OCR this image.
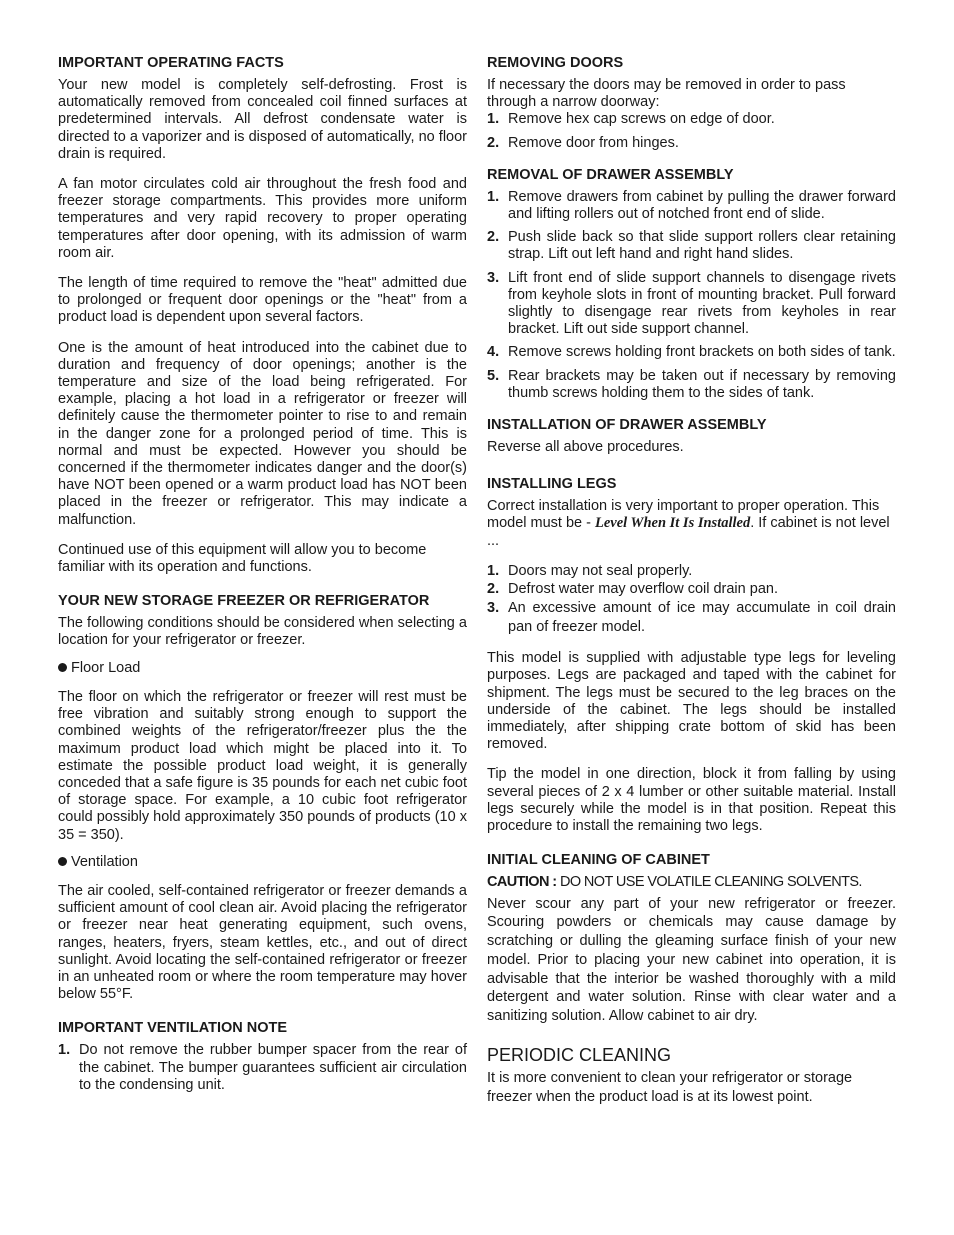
IMPORTANT OPERATING FACTS

Your new model is completely self-defrosting. Frost is automatically removed from concealed coil finned surfaces at predetermined intervals. All defrost condensate water is directed to a vaporizer and is disposed of automatically, no floor drain is required.

A fan motor circulates cold air throughout the fresh food and freezer storage compartments. This provides more uniform temperatures and very rapid recovery to proper operating temperatures after door opening, with its admission of warm room air.

The length of time required to remove the "heat" admitted due to prolonged or frequent door openings or the "heat" from a product load is dependent upon several factors.

One is the amount of heat introduced into the cabinet due to duration and frequency of door openings; another is the temperature and size of the load being refrigerated. For example, placing a hot load in a refrigerator or freezer will definitely cause the thermometer pointer to rise to and remain in the danger zone for a prolonged period of time. This is normal and must be expected. However you should be concerned if the thermometer indicates danger and the door(s) have NOT been opened or a warm product load has NOT been placed in the freezer or refrigerator. This may indicate a malfunction.

Continued use of this equipment will allow you to become familiar with its operation and functions.

YOUR NEW STORAGE FREEZER OR REFRIGERATOR

The following conditions should be considered when selecting a location for your refrigerator or freezer.

Floor Load

The floor on which the refrigerator or freezer will rest must be free vibration and suitably strong enough to support the combined weights of the refrigerator/freezer plus the the maximum product load which might be placed into it. To estimate the possible product load weight, it is generally conceded that a safe figure is 35 pounds for each net cubic foot of storage space. For example, a 10 cubic foot refrigerator could possibly hold approximately 350 pounds of products (10 x 35 = 350).

Ventilation

The air cooled, self-contained refrigerator or freezer demands a sufficient amount of cool clean air. Avoid placing the refrigerator or freezer near heat generating equipment, such ovens, ranges, heaters, fryers, steam kettles, etc., and out of direct sunlight. Avoid locating the self-contained refrigerator or freezer in an unheated room or where the room temperature may hover below 55°F.

IMPORTANT VENTILATION NOTE
1. Do not remove the rubber bumper spacer from the rear of the cabinet. The bumper guarantees sufficient air circulation to the condensing unit.
REMOVING DOORS

If necessary the doors may be removed in order to pass through a narrow doorway:

1. Remove hex cap screws on edge of door.
2. Remove door from hinges.
REMOVAL OF DRAWER ASSEMBLY
1. Remove drawers from cabinet by pulling the drawer forward and lifting rollers out of notched front end of slide.
2. Push slide back so that slide support rollers clear retaining strap. Lift out left hand and right hand slides.
3. Lift front end of slide support channels to disengage rivets from keyhole slots in front of mounting bracket. Pull forward slightly to disengage rear rivets from keyholes in rear bracket. Lift out side support channel.
4. Remove screws holding front brackets on both sides of tank.
5. Rear brackets may be taken out if necessary by removing thumb screws holding them to the sides of tank.
INSTALLATION OF DRAWER ASSEMBLY

Reverse all above procedures.

INSTALLING LEGS

Correct installation is very important to proper operation. This model must be - Level When It Is Installed. If cabinet is not level ...

1. Doors may not seal properly.
2. Defrost water may overflow coil drain pan.
3. An excessive amount of ice may accumulate in coil drain pan of freezer model.

This model is supplied with adjustable type legs for leveling purposes. Legs are packaged and taped with the cabinet for shipment. The legs must be secured to the leg braces on the underside of the cabinet. The legs should be installed immediately, after shipping crate bottom of skid has been removed.

Tip the model in one direction, block it from falling by using several pieces of 2 x 4 lumber or other suitable material. Install legs securely while the model is in that position. Repeat this procedure to install the remaining two legs.

INITIAL CLEANING OF CABINET

CAUTION : DO NOT USE VOLATILE CLEANING SOLVENTS.

Never scour any part of your new refrigerator or freezer. Scouring powders or chemicals may cause damage by scratching or dulling the gleaming surface finish of your new model. Prior to placing your new cabinet into operation, it is advisable that the interior be washed thoroughly with a mild detergent and water solution. Rinse with clear water and a sanitizing solution. Allow cabinet to air dry.

PERIODIC CLEANING

It is more convenient to clean your refrigerator or storage freezer when the product load is at its lowest point.
